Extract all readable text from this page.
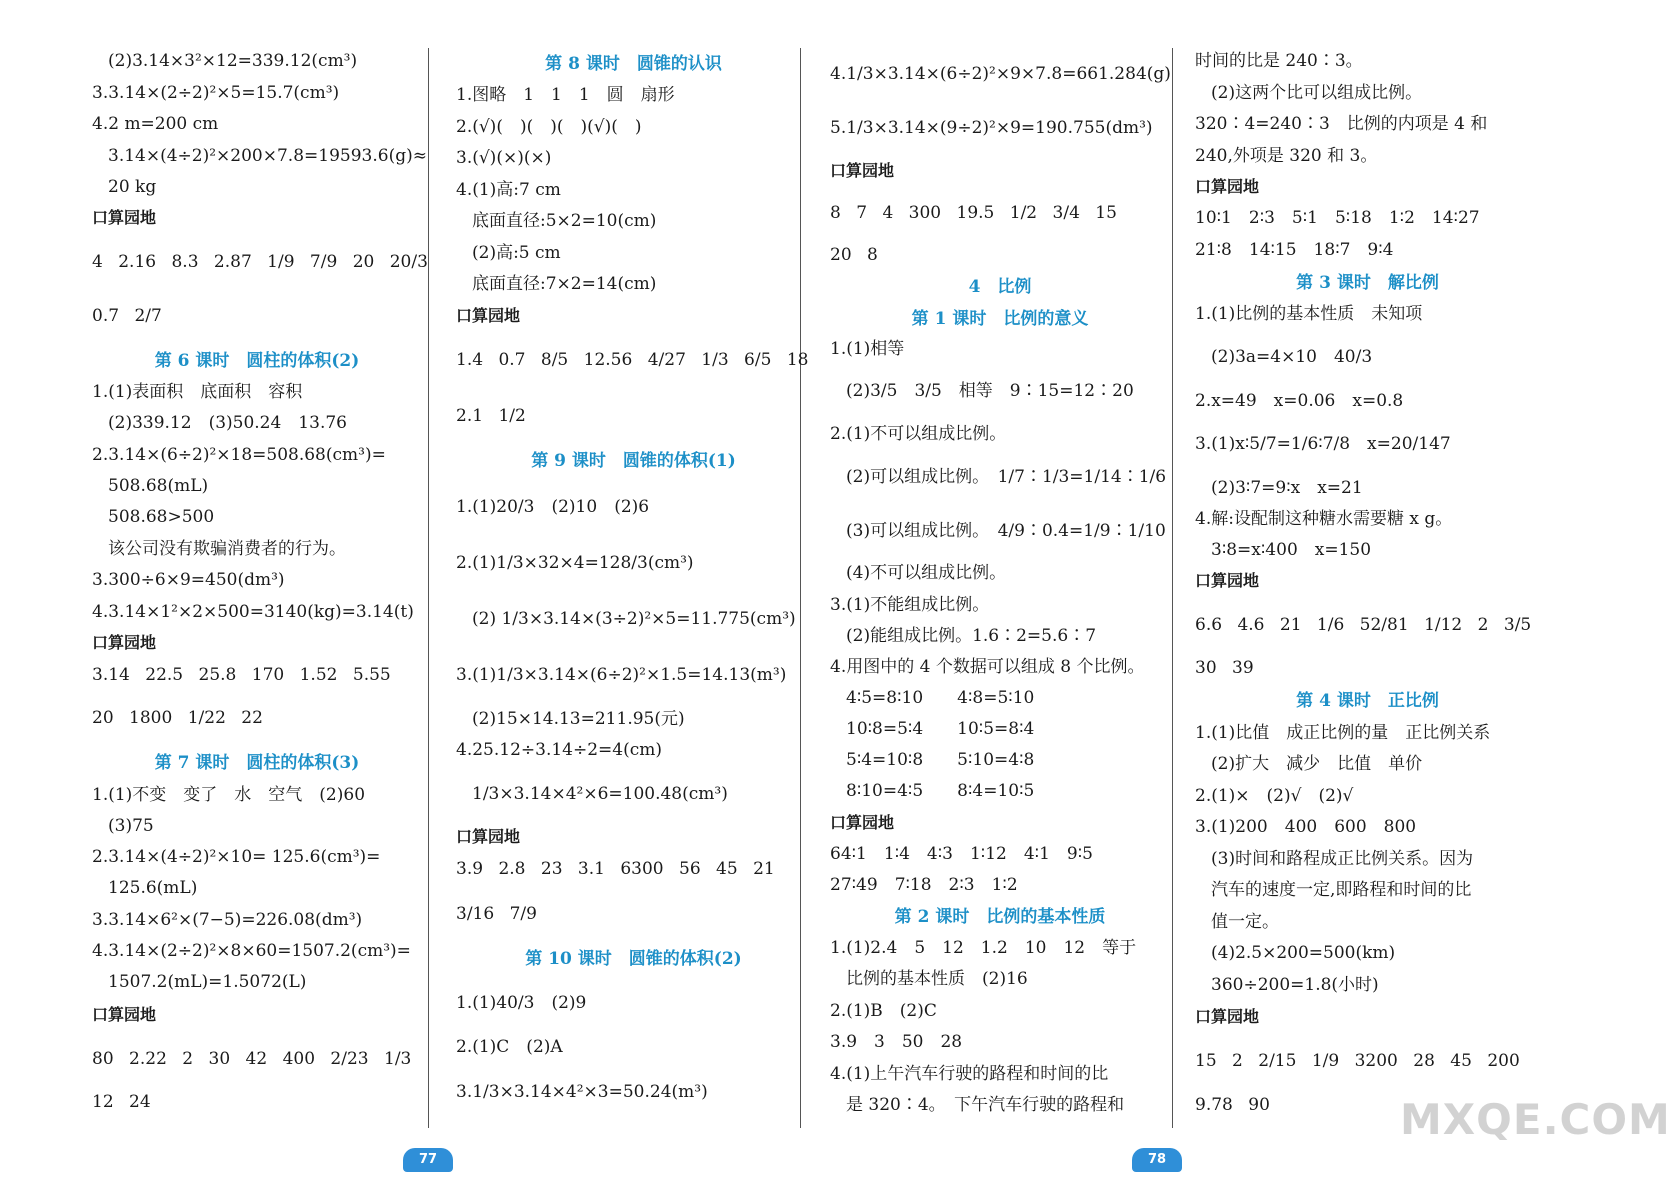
(2)3.14×3²×12=339.12(cm³)
3.3.14×(2÷2)²×5=15.7(cm³)
4.2 m=200 cm
3.14×(4÷2)²×200×7.8=19593.6(g)≈
20 kg
口算园地
4 2.16 8.3 2.87 1/9 7/9 20 20/3
0.7 2/7
第 6 课时　圆柱的体积(2)
1.(1)表面积　底面积　容积
(2)339.12　(3)50.24　13.76
2.3.14×(6÷2)²×18=508.68(cm³)=
508.68(mL)
508.68>500
该公司没有欺骗消费者的行为。
3.300÷6×9=450(dm³)
4.3.14×1²×2×500=3140(kg)=3.14(t)
口算园地
3.14 22.5 25.8 170 1.52 5.55
20 1800 1/22 22
第 7 课时　圆柱的体积(3)
1.(1)不变　变了　水　空气　(2)60
(3)75
2.3.14×(4÷2)²×10= 125.6(cm³)=
125.6(mL)
3.3.14×6²×(7−5)=226.08(dm³)
4.3.14×(2÷2)²×8×60=1507.2(cm³)=
1507.2(mL)=1.5072(L)
口算园地
80 2.22 2 30 42 400 2/23 1/3
12 24
第 8 课时　圆锥的认识
1.图略　1　1　1　圆　扇形
2.(√)(　)(　)(　)(√)(　)
3.(√)(×)(×)
4.(1)高:7 cm
底面直径:5×2=10(cm)
(2)高:5 cm
底面直径:7×2=14(cm)
口算园地
1.4 0.7 8/5 12.56 4/27 1/3 6/5 18
2.1 1/2
第 9 课时　圆锥的体积(1)
1.(1)20/3　(2)10　(2)6
2.(1)1/3×32×4=128/3(cm³)
(2) 1/3×3.14×(3÷2)²×5=11.775(cm³)
3.(1)1/3×3.14×(6÷2)²×1.5=14.13(m³)
(2)15×14.13=211.95(元)
4.25.12÷3.14÷2=4(cm)
1/3×3.14×4²×6=100.48(cm³)
口算园地
3.9 2.8 23 3.1 6300 56 45 21
3/16 7/9
第 10 课时　圆锥的体积(2)
1.(1)40/3　(2)9
2.(1)C　(2)A
3.1/3×3.14×4²×3=50.24(m³)
4.1/3×3.14×(6÷2)²×9×7.8=661.284(g)
5.1/3×3.14×(9÷2)²×9=190.755(dm³)
口算园地
8 7 4 300 19.5 1/2 3/4 15
20 8
4　比例
第 1 课时　比例的意义
1.(1)相等
(2)3/5　3/5　相等　9∶15=12∶20
2.(1)不可以组成比例。
(2)可以组成比例。　1/7∶1/3=1/14∶1/6
(3)可以组成比例。　4/9∶0.4=1/9∶1/10
(4)不可以组成比例。
3.(1)不能组成比例。
(2)能组成比例。1.6∶2=5.6∶7
4.用图中的 4 个数据可以组成 8 个比例。
4∶5=8∶10　　4∶8=5∶10
10∶8=5∶4　　10∶5=8∶4
5∶4=10∶8　　5∶10=4∶8
8∶10=4∶5　　8∶4=10∶5
口算园地
64∶1　1∶4　4∶3　1∶12　4∶1　9∶5
27∶49　7∶18　2∶3　1∶2
第 2 课时　比例的基本性质
1.(1)2.4　5　12　1.2　10　12　等于
比例的基本性质　(2)16
2.(1)B　(2)C
3.9　3　50　28
4.(1)上午汽车行驶的路程和时间的比
是 320∶4。　下午汽车行驶的路程和
时间的比是 240∶3。
(2)这两个比可以组成比例。
320∶4=240∶3　比例的内项是 4 和
240,外项是 320 和 3。
口算园地
10∶1　2∶3　5∶1　5∶18　1∶2　14∶27
21∶8　14∶15　18∶7　9∶4
第 3 课时　解比例
1.(1)比例的基本性质　未知项
(2)3a=4×10　40/3
2.x=49　x=0.06　x=0.8
3.(1)x∶5/7=1/6∶7/8　x=20/147
(2)3∶7=9∶x　x=21
4.解:设配制这种糖水需要糖 x g。
3∶8=x∶400　x=150
口算园地
6.6 4.6 21 1/6 52/81 1/12 2 3/5
30 39
第 4 课时　正比例
1.(1)比值　成正比例的量　正比例关系
(2)扩大　减少　比值　单价
2.(1)×　(2)√　(2)√
3.(1)200　400　600　800
(3)时间和路程成正比例关系。因为
汽车的速度一定,即路程和时间的比
值一定。
(4)2.5×200=500(km)
360÷200=1.8(小时)
口算园地
15 2 2/15 1/9 3200 28 45 200
9.78 90
77	78
MXQE.COM
